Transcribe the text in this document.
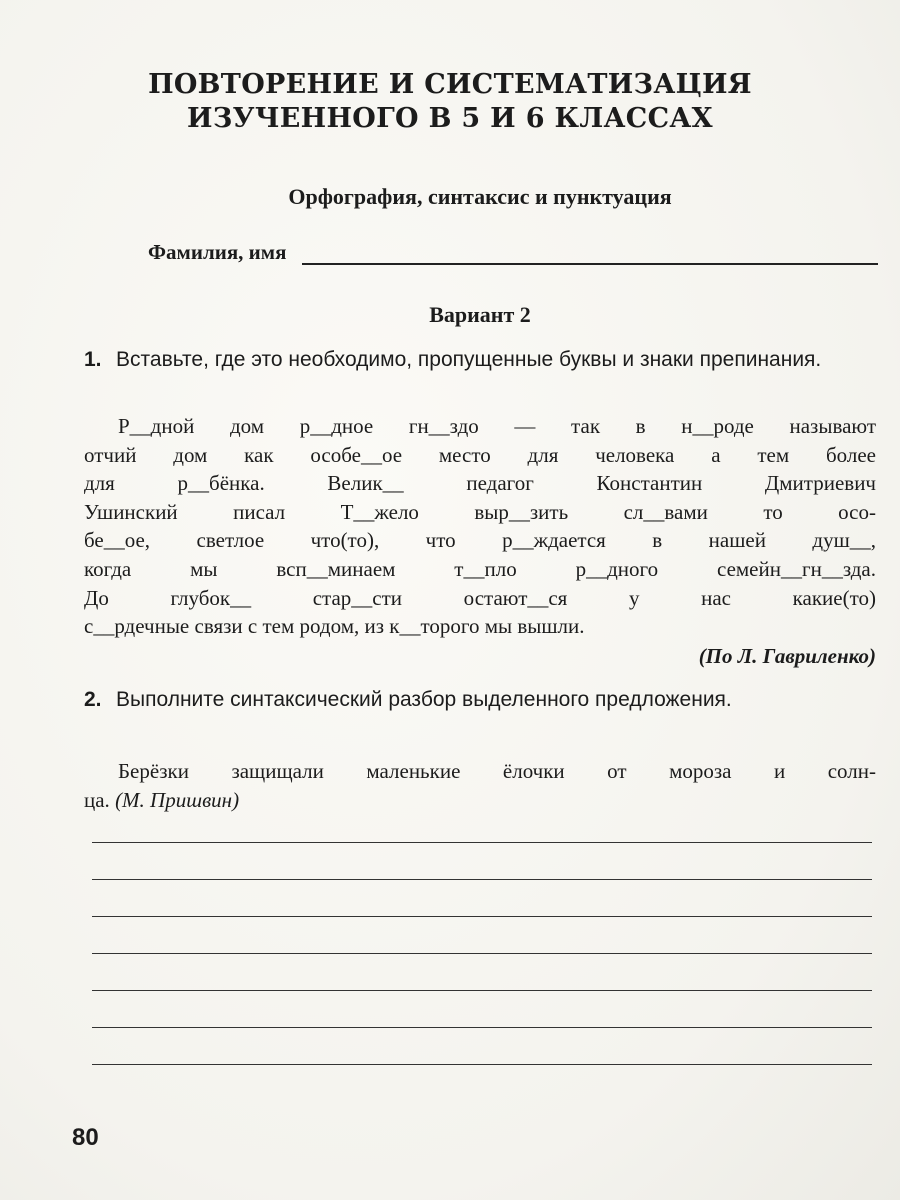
ПОВТОРЕНИЕ И СИСТЕМАТИЗАЦИЯ
ИЗУЧЕННОГО В 5 И 6 КЛАССАХ
Орфография, синтаксис и пунктуация
Фамилия, имя
Вариант 2
1. Вставьте, где это необходимо, пропущенные буквы и знаки препинания.
Р__дной дом р__дное гн__здо — так в н__роде называют
отчий дом как особе__ое место для человека а тем более
для р__бёнка. Велик__ педагог Константин Дмитриевич
Ушинский писал Т__жело выр__зить сл__вами то осо-
бе__ое, светлое что(то), что р__ждается в нашей душ__,
когда мы всп__минаем т__пло р__дного семейн__гн__зда.
До глубок__ стар__сти остают__ся у нас какие(то)
с__рдечные связи с тем родом, из к__торого мы вышли.
(По Л. Гавриленко)
2. Выполните синтаксический разбор выделенного предложения.
Берёзки защищали маленькие ёлочки от мороза и солн-
ца. (М. Пришвин)
80
